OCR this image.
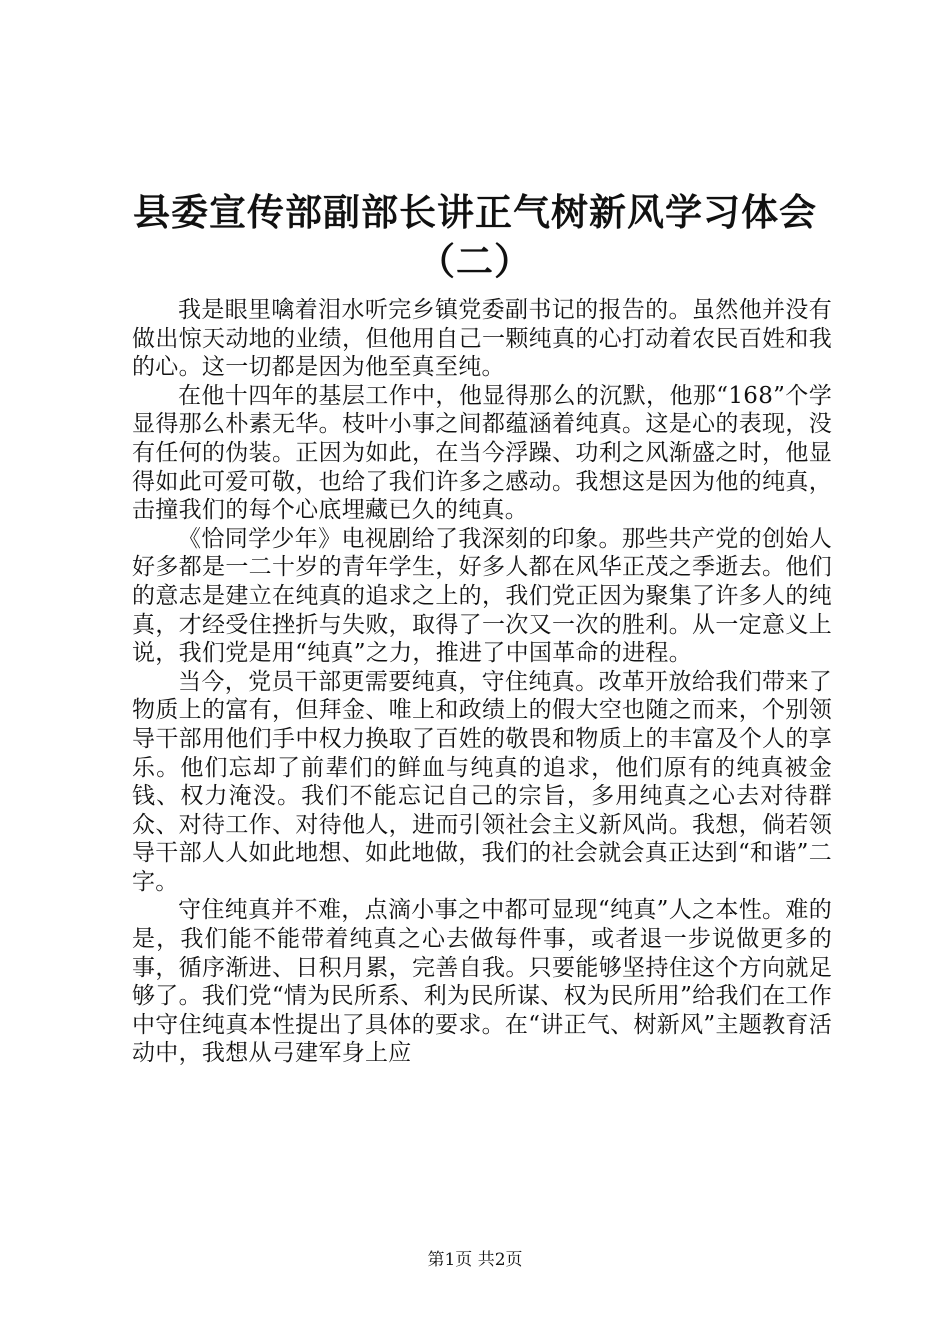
县委宣传部副部长讲正气树新风学习体会
（二）

我是眼里噙着泪水听完乡镇党委副书记的报告的。虽然他并没有做出惊天动地的业绩，但他用自己一颗纯真的心打动着农民百姓和我的心。这一切都是因为他至真至纯。

在他十四年的基层工作中，他显得那么的沉默，他那“168”个学显得那么朴素无华。枝叶小事之间都蕴涵着纯真。这是心的表现，没有任何的伪装。正因为如此，在当今浮躁、功利之风渐盛之时，他显得如此可爱可敬，也给了我们许多之感动。我想这是因为他的纯真，击撞我们的每个心底埋藏已久的纯真。

《恰同学少年》电视剧给了我深刻的印象。那些共产党的创始人好多都是一二十岁的青年学生，好多人都在风华正茂之季逝去。他们的意志是建立在纯真的追求之上的，我们党正因为聚集了许多人的纯真，才经受住挫折与失败，取得了一次又一次的胜利。从一定意义上说，我们党是用“纯真”之力，推进了中国革命的进程。

当今，党员干部更需要纯真，守住纯真。改革开放给我们带来了物质上的富有，但拜金、唯上和政绩上的假大空也随之而来，个别领导干部用他们手中权力换取了百姓的敬畏和物质上的丰富及个人的享乐。他们忘却了前辈们的鲜血与纯真的追求，他们原有的纯真被金钱、权力淹没。我们不能忘记自己的宗旨，多用纯真之心去对待群众、对待工作、对待他人，进而引领社会主义新风尚。我想，倘若领导干部人人如此地想、如此地做，我们的社会就会真正达到“和谐”二字。

守住纯真并不难，点滴小事之中都可显现“纯真”人之本性。难的是，我们能不能带着纯真之心去做每件事，或者退一步说做更多的事，循序渐进、日积月累，完善自我。只要能够坚持住这个方向就足够了。我们党“情为民所系、利为民所谋、权为民所用”给我们在工作中守住纯真本性提出了具体的要求。在“讲正气、树新风”主题教育活动中，我想从弓建军身上应

第1页 共2页
